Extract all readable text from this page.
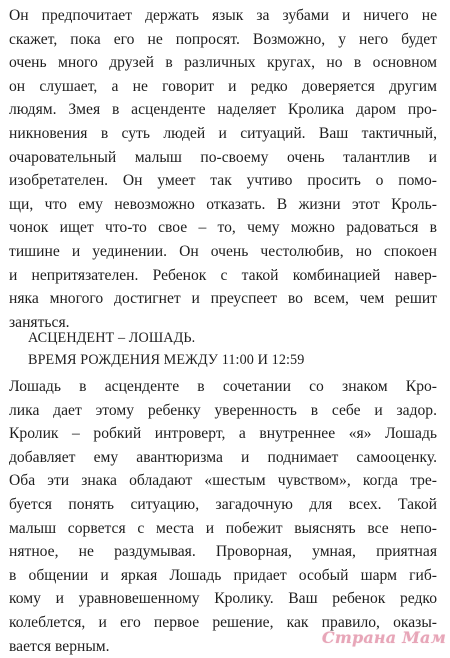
Он предпочитает держать язык за зубами и ничего не
скажет, пока его не попросят. Возможно, у него будет
очень много друзей в различных кругах, но в основном
он слушает, а не говорит и редко доверяется другим
людям. Змея в асценденте наделяет Кролика даром про-
никновения в суть людей и ситуаций. Ваш тактичный,
очаровательный малыш по-своему очень талантлив и
изобретателен. Он умеет так учтиво просить о помо-
щи, что ему невозможно отказать. В жизни этот Кроль-
чонок ищет что-то свое – то, чему можно радоваться в
тишине и уединении. Он очень честолюбив, но спокоен
и непритязателен. Ребенок с такой комбинацией навер-
няка многого достигнет и преуспеет во всем, чем решит
заняться.
АСЦЕНДЕНТ – ЛОШАДЬ.
ВРЕМЯ РОЖДЕНИЯ МЕЖДУ 11:00 И 12:59
Лошадь в асценденте в сочетании со знаком Кро-
лика дает этому ребенку уверенность в себе и задор.
Кролик – робкий интроверт, а внутреннее «я» Лошадь
добавляет ему авантюризма и поднимает самооценку.
Оба эти знака обладают «шестым чувством», когда тре-
буется понять ситуацию, загадочную для всех. Такой
малыш сорвется с места и побежит выяснять все непо-
нятное, не раздумывая. Проворная, умная, приятная
в общении и яркая Лошадь придает особый шарм гиб-
кому и уравновешенному Кролику. Ваш ребенок редко
колеблется, и его первое решение, как правило, оказы-
вается верным.	Страна Мам
